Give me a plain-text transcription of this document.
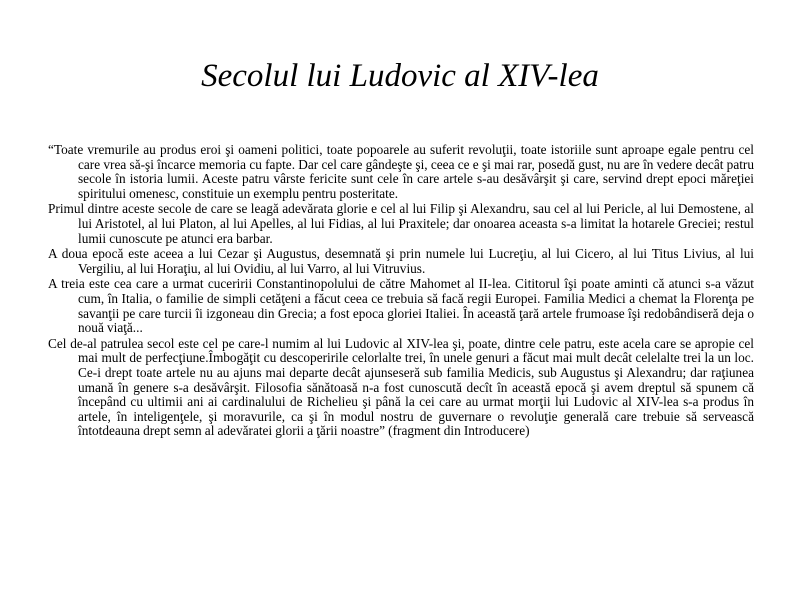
Secolul lui Ludovic al XIV-lea

“Toate vremurile au produs eroi şi oameni politici, toate popoarele au suferit revoluţii, toate istoriile sunt aproape egale pentru cel care vrea să-şi încarce memoria cu fapte. Dar cel care gândeşte şi, ceea ce e şi mai rar, posedă gust, nu are în vedere decât patru secole în istoria lumii. Aceste patru vârste fericite sunt cele în care artele s-au desăvârşit şi care, servind drept epoci măreţiei spiritului omenesc, constituie un exemplu pentru posteritate.

Primul dintre aceste secole de care se leagă adevărata glorie e cel al lui Filip şi Alexandru, sau cel al lui Pericle, al lui Demostene, al lui Aristotel, al lui Platon, al lui Apelles, al lui Fidias, al lui Praxitele; dar onoarea aceasta s-a limitat la hotarele Greciei; restul lumii cunoscute pe atunci era barbar.

A doua epocă este aceea a lui Cezar şi Augustus, desemnată şi prin numele lui Lucreţiu, al lui Cicero, al lui Titus Livius, al lui Vergiliu, al lui Horaţiu, al lui Ovidiu, al lui Varro, al lui Vitruvius.

A treia este cea care a urmat cuceririi Constantinopolului de către Mahomet al II-lea. Cititorul îşi poate aminti că atunci s-a văzut cum, în Italia, o familie de simpli cetăţeni a făcut ceea ce trebuia să facă regii Europei. Familia Medici a chemat la Florenţa pe savanţii pe care turcii îi izgoneau din Grecia; a fost epoca gloriei Italiei. În această ţară artele frumoase îşi redobândiseră deja o nouă viaţă...

Cel de-al patrulea secol este cel pe care-l numim al lui Ludovic al XIV-lea şi, poate, dintre cele patru, este acela care se apropie cel mai mult de perfecţiune.Îmbogăţit cu descoperirile celorlalte trei, în unele genuri a făcut mai mult decât celelalte trei la un loc. Ce-i drept toate artele nu au ajuns mai departe decât ajunseseră sub familia Medicis, sub Augustus şi Alexandru; dar raţiunea umană în genere s-a desăvârşit. Filosofia sănătoasă n-a fost cunoscută decît în această epocă şi avem dreptul să spunem că începând cu ultimii ani ai cardinalului de Richelieu şi până la cei care au urmat morţii lui Ludovic al XIV-lea s-a produs în artele, în inteligenţele, şi moravurile, ca şi în modul nostru de guvernare o revoluţie generală care trebuie să servească întotdeauna drept semn al adevăratei glorii a ţării noastre” (fragment din Introducere)
